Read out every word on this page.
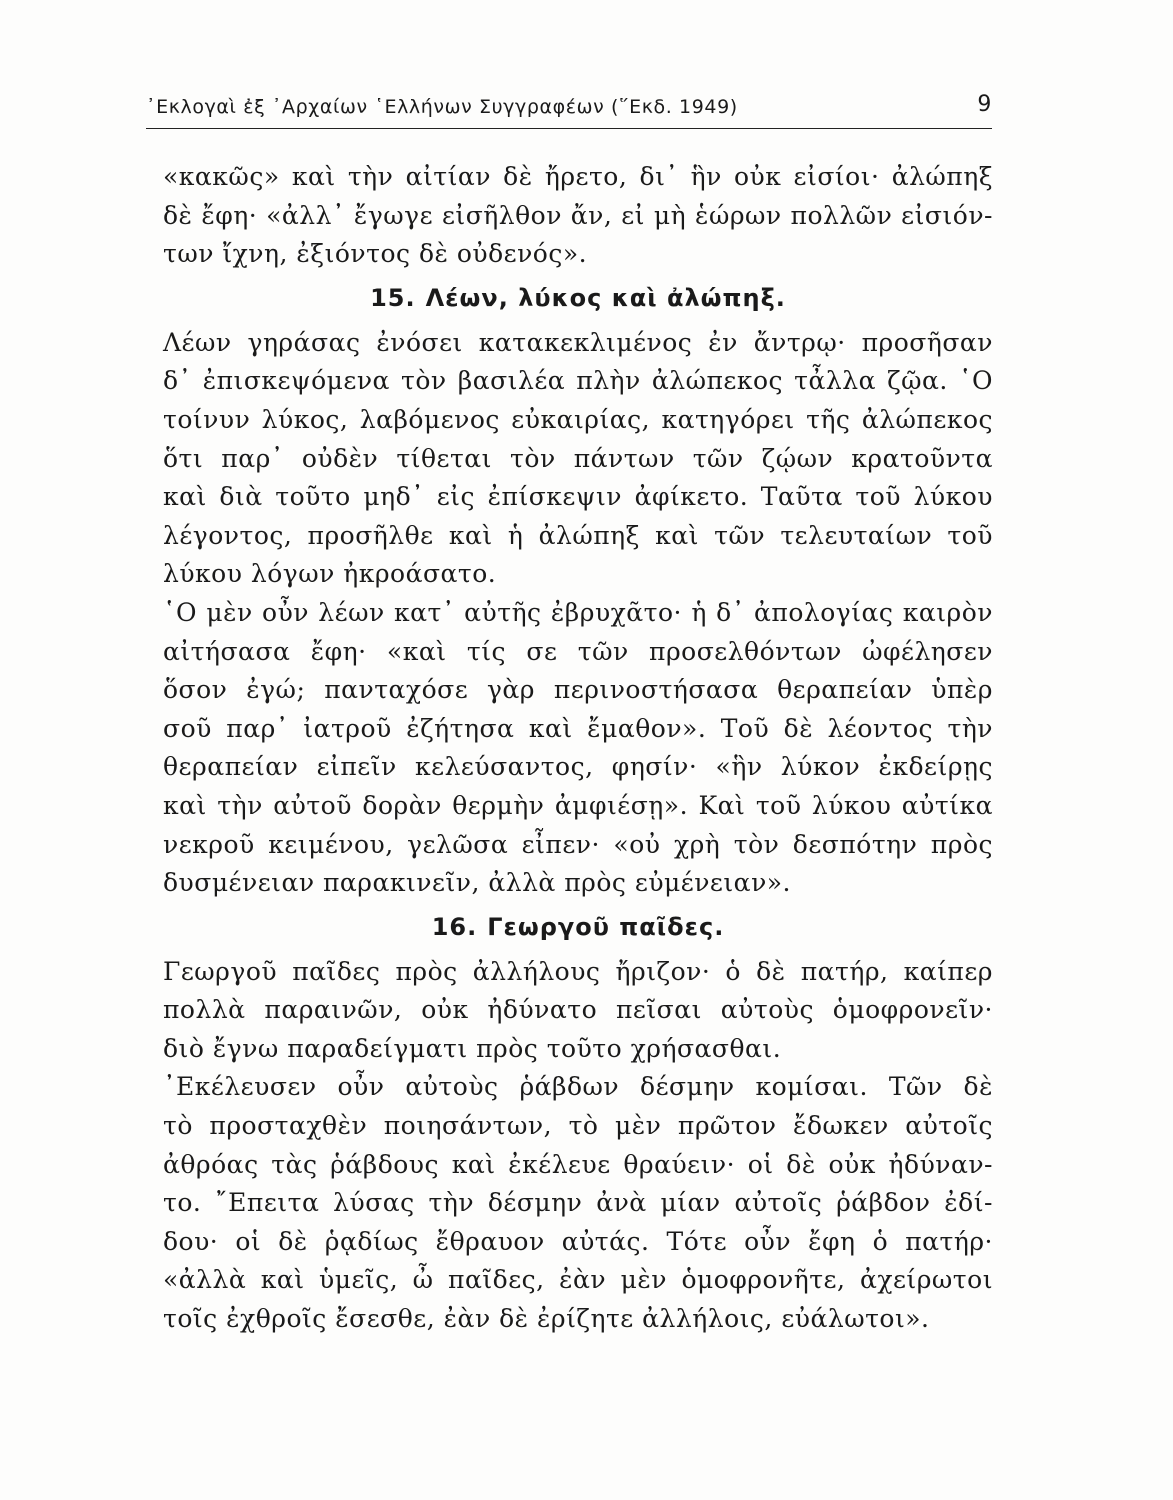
᾿Εκλογαὶ ἐξ ᾿Αρχαίων ῾Ελλήνων Συγγραφέων (῞Εκδ. 1949)	9
«κακῶς» καὶ τὴν αἰτίαν δὲ ἤρετο, δι᾿ ἣν οὐκ εἰσίοι· ἀλώπηξ
δὲ ἔφη· «ἀλλ᾿ ἔγωγε εἰσῆλθον ἄν, εἰ μὴ ἑώρων πολλῶν εἰσιόν-
των ἴχνη, ἐξιόντος δὲ οὐδενός».
15. Λέων, λύκος καὶ ἀλώπηξ.
Λέων γηράσας ἐνόσει κατακεκλιμένος ἐν ἄντρῳ· προσῆσαν
δ᾿ ἐπισκεψόμενα τὸν βασιλέα πλὴν ἀλώπεκος τἆλλα ζῷα. ῾Ο
τοίνυν λύκος, λαβόμενος εὐκαιρίας, κατηγόρει τῆς ἀλώπεκος
ὅτι παρ᾿ οὐδὲν τίθεται τὸν πάντων τῶν ζῴων κρατοῦντα
καὶ διὰ τοῦτο μηδ᾿ εἰς ἐπίσκεψιν ἀφίκετο. Ταῦτα τοῦ λύκου
λέγοντος, προσῆλθε καὶ ἡ ἀλώπηξ καὶ τῶν τελευταίων τοῦ
λύκου λόγων ἠκροάσατο.
῾Ο μὲν οὖν λέων κατ᾿ αὐτῆς ἐβρυχᾶτο· ἡ δ᾿ ἀπολογίας καιρὸν
αἰτήσασα ἔφη· «καὶ τίς σε τῶν προσελθόντων ὠφέλησεν
ὅσον ἐγώ; πανταχόσε γὰρ περινοστήσασα θεραπείαν ὑπὲρ
σοῦ παρ᾿ ἰατροῦ ἐζήτησα καὶ ἔμαθον». Τοῦ δὲ λέοντος τὴν
θεραπείαν εἰπεῖν κελεύσαντος, φησίν· «ἣν λύκον ἐκδείρῃς
καὶ τὴν αὐτοῦ δορὰν θερμὴν ἀμφιέσῃ». Καὶ τοῦ λύκου αὐτίκα
νεκροῦ κειμένου, γελῶσα εἶπεν· «οὐ χρὴ τὸν δεσπότην πρὸς
δυσμένειαν παρακινεῖν, ἀλλὰ πρὸς εὐμένειαν».
16. Γεωργοῦ παῖδες.
Γεωργοῦ παῖδες πρὸς ἀλλήλους ἤριζον· ὁ δὲ πατήρ, καίπερ
πολλὰ παραινῶν, οὐκ ἠδύνατο πεῖσαι αὐτοὺς ὁμοφρονεῖν·
διὸ ἔγνω παραδείγματι πρὸς τοῦτο χρήσασθαι.
᾿Εκέλευσεν οὖν αὐτοὺς ῥάβδων δέσμην κομίσαι. Τῶν δὲ
τὸ προσταχθὲν ποιησάντων, τὸ μὲν πρῶτον ἔδωκεν αὐτοῖς
ἀθρόας τὰς ῥάβδους καὶ ἐκέλευε θραύειν· οἱ δὲ οὐκ ἠδύναν-
το. ῎Επειτα λύσας τὴν δέσμην ἀνὰ μίαν αὐτοῖς ῥάβδον ἐδί-
δου· οἱ δὲ ῥᾳδίως ἔθραυον αὐτάς. Τότε οὖν ἔφη ὁ πατήρ·
«ἀλλὰ καὶ ὑμεῖς, ὦ παῖδες, ἐὰν μὲν ὁμοφρονῆτε, ἀχείρωτοι
τοῖς ἐχθροῖς ἔσεσθε, ἐὰν δὲ ἐρίζητε ἀλλήλοις, εὐάλωτοι».
